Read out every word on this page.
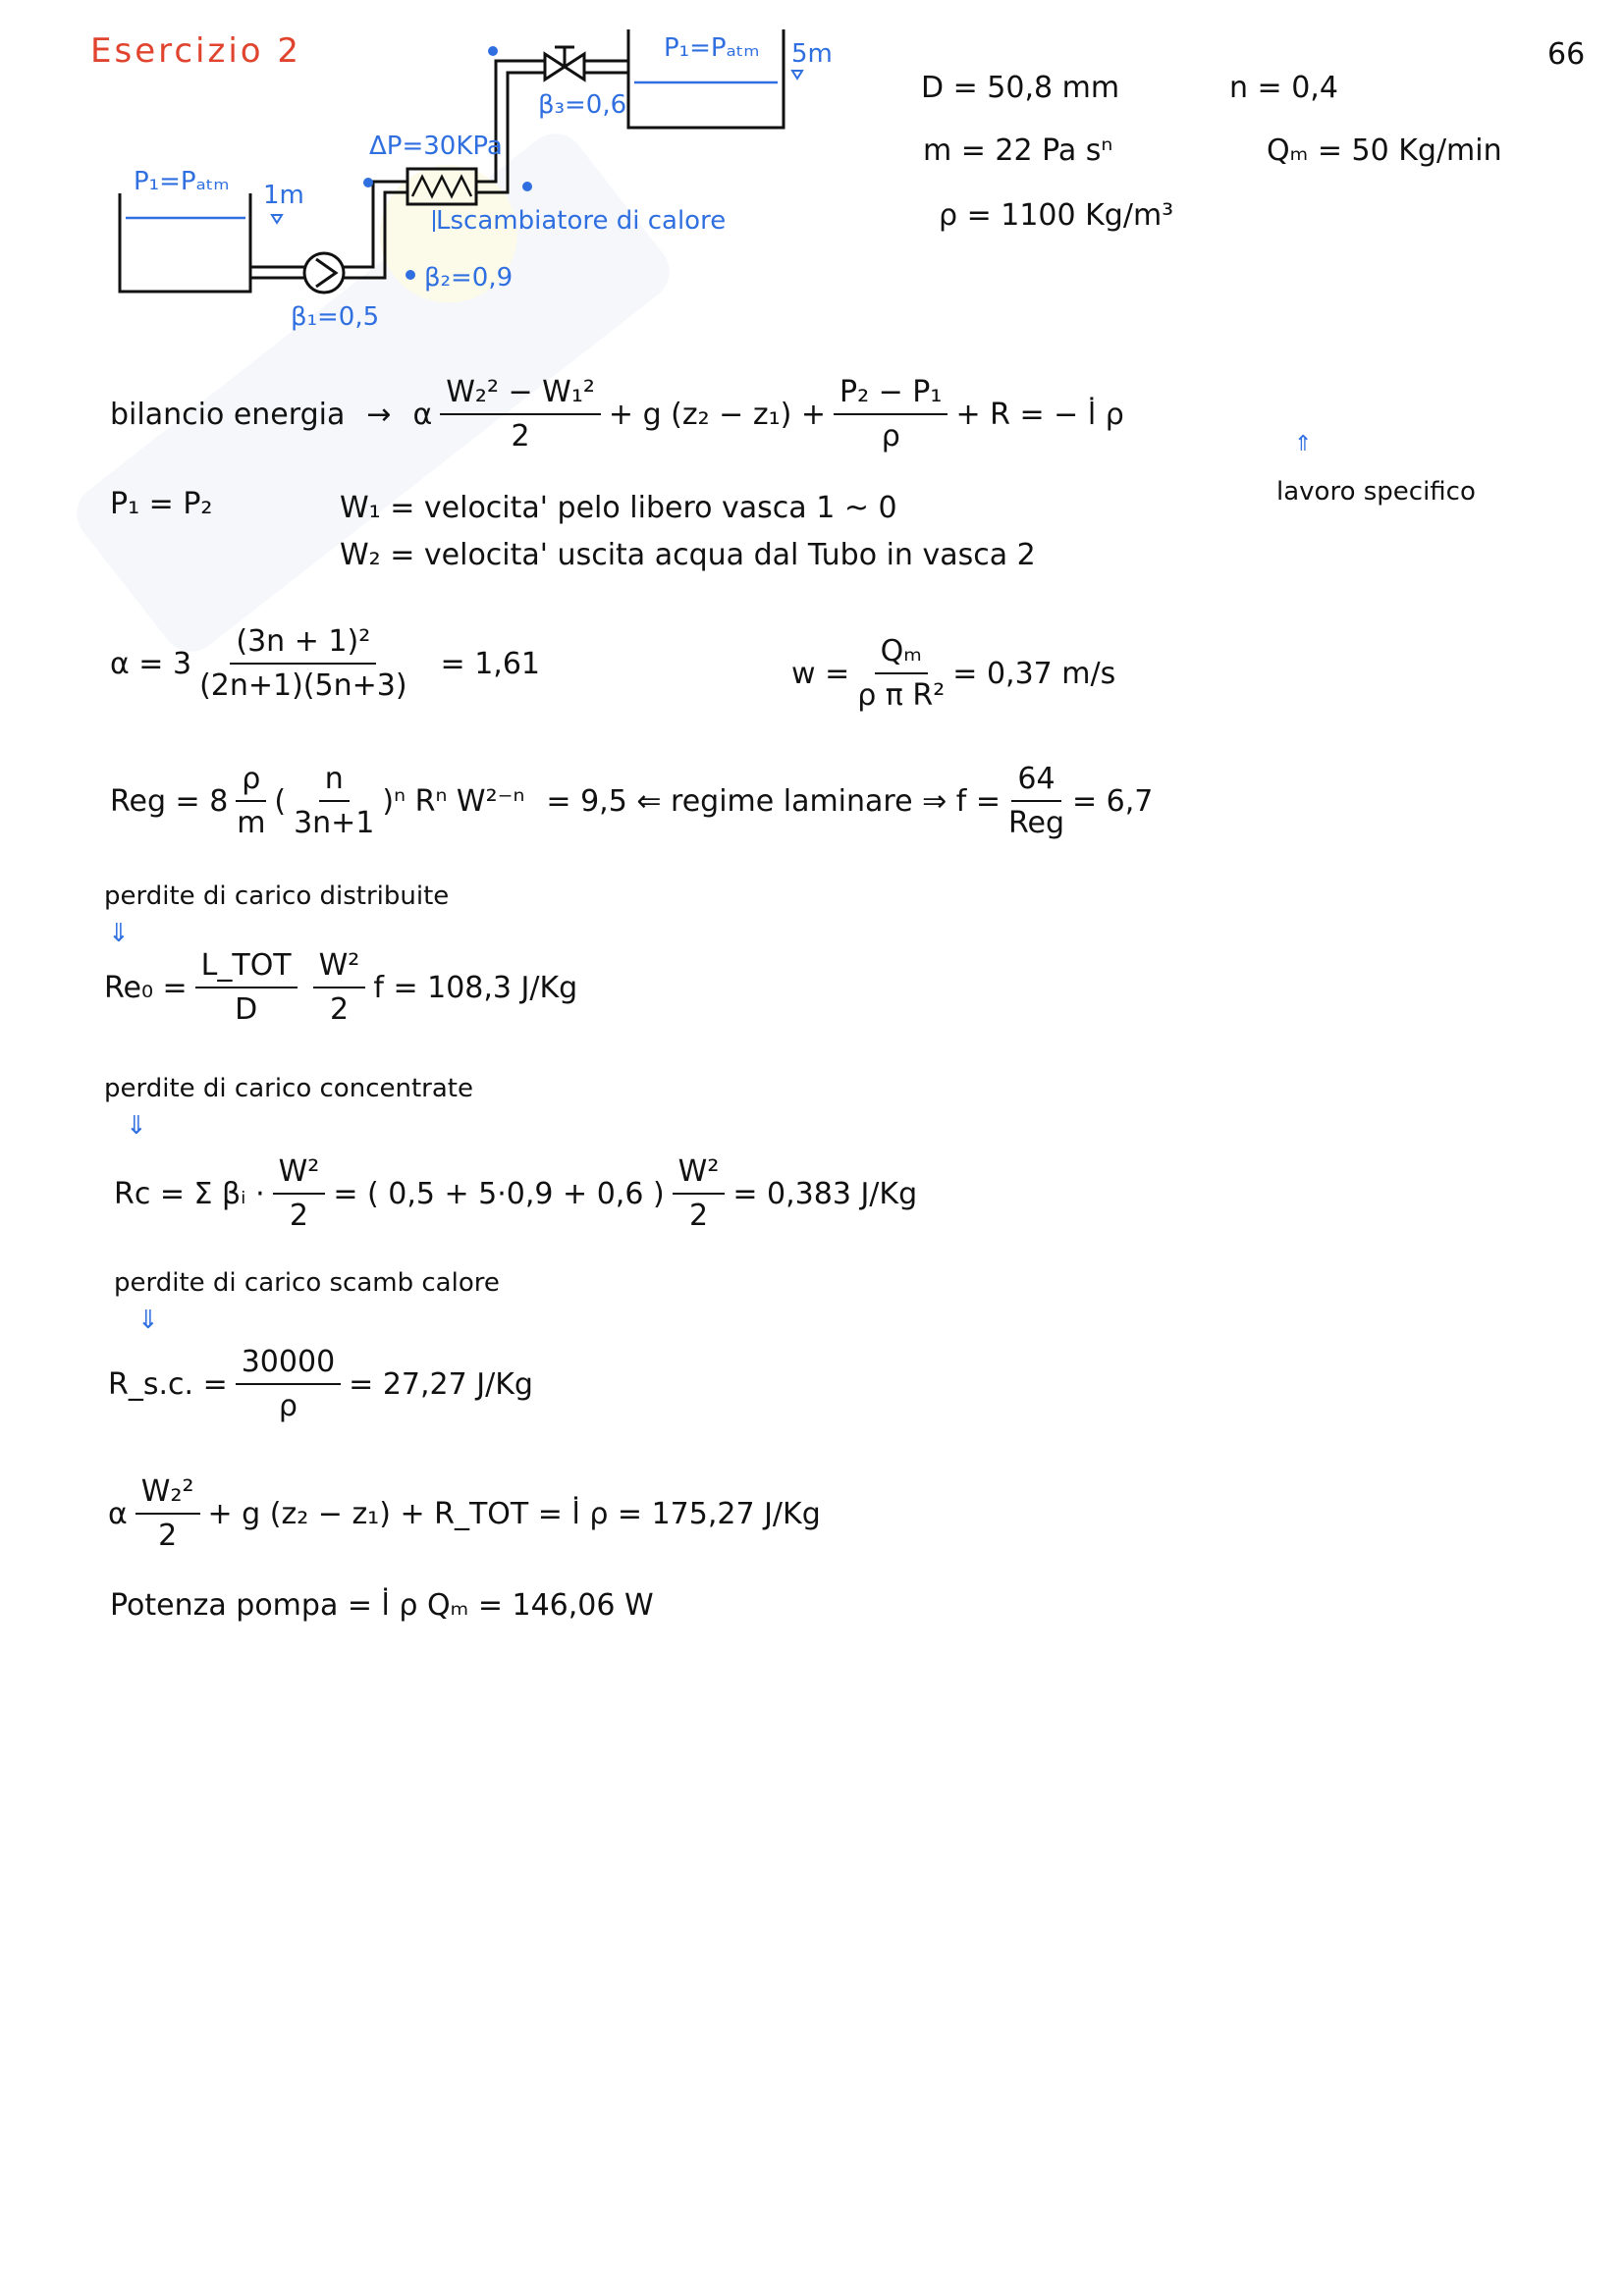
Esercizio 2	66
P₁=Pₐₜₘ 1m
P₁=Pₐₜₘ 5m
β₁=0,5
β₂=0,9
β₃=0,6
ΔP=30KPa
Lscambiatore di calore
D = 50,8 mm	n = 0,4
m = 22 Pa sⁿ	Qₘ = 50 Kg/min
ρ = 1100 Kg/m³
bilancio energia → α $\frac{\text{W₂² − W₁²}}{2} + g$ $(z_2 - z_1) + \frac{\text{P₂ − P₁}}{\rho} + R$ = − l̇ ρ
⇑
lavoro specifico
P₁ = P₂	W₁ = velocita' pelo libero vasca 1 ~ 0
W₂ = velocita' uscita acqua dal Tubo in vasca 2
$\alpha = 3 \frac{\text{(3n + 1)²}}{(2n+1)(5n+3)} = 1,61$	$w = \frac{\text{Qₘ}}{\text{ρ π R²}} = 0,37$ m/s
Reg = $8 \frac{\rho}{m}$ ( $\frac{n}{3n+1}$ ) ⁿ Rⁿ W²⁻ⁿ = 9,5 ⇐ regime laminare ⇒ $f = \frac{64}{\text{Reg}} = 6,7$
perdite di carico distribuite
⇓
$Re_0 = \frac{\text{L\_TOT}}{D} \frac{\text{W²}}{2}$ f = 108,3 J/Kg
perdite di carico concentrate
⇓
Rc = Σ βᵢ · $\frac{\text{W²}}{2}$ = ( 0,5 + 5·0,9 + 0,6 ) $\frac{\text{W²}}{2} = 0,383$ J/Kg
perdite di carico scamb calore
⇓
R_s.c. = $\frac{30000}{\rho} = 27,27$ J/Kg
α $\frac{\text{W₂²}}{2} + g$ (z₂ − z₁) + R_TOT = l̇ ρ = 175,27 J/Kg
Potenza pompa = l̇ ρ Qₘ = 146,06 W
